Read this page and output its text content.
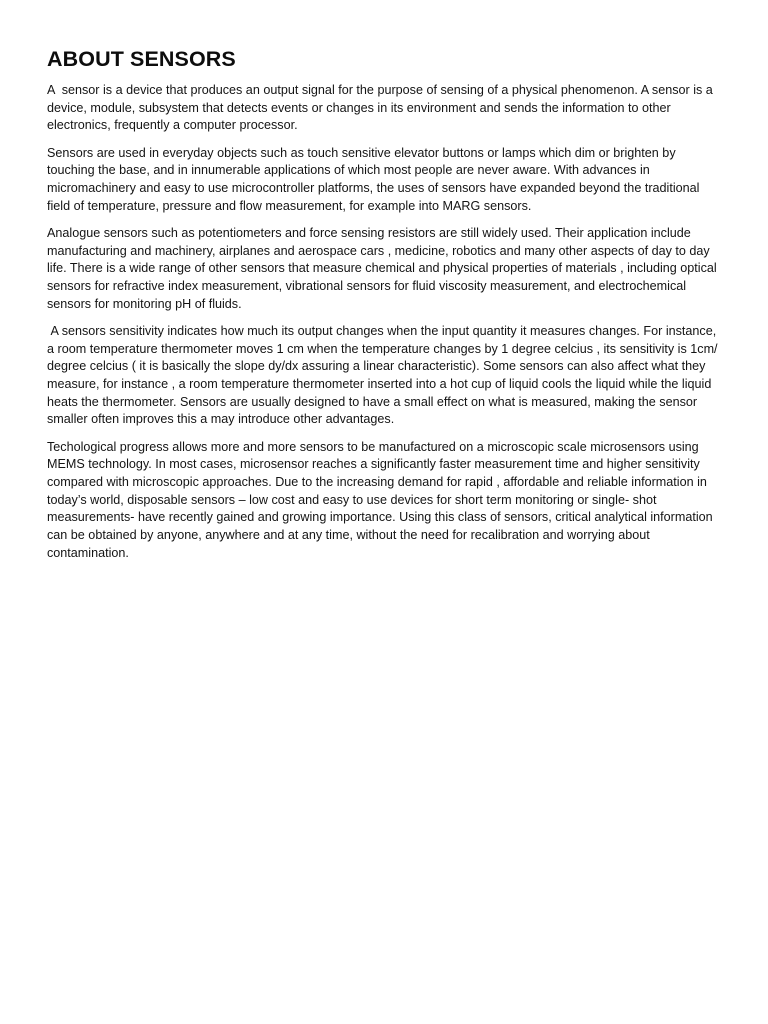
ABOUT SENSORS

A  sensor is a device that produces an output signal for the purpose of sensing of a physical phenomenon. A sensor is a device, module, subsystem that detects events or changes in its environment and sends the information to other electronics, frequently a computer processor.

Sensors are used in everyday objects such as touch sensitive elevator buttons or lamps which dim or brighten by touching the base, and in innumerable applications of which most people are never aware. With advances in micromachinery and easy to use microcontroller platforms, the uses of sensors have expanded beyond the traditional field of temperature, pressure and flow measurement, for example into MARG sensors.

Analogue sensors such as potentiometers and force sensing resistors are still widely used. Their application include manufacturing and machinery, airplanes and aerospace cars , medicine, robotics and many other aspects of day to day life. There is a wide range of other sensors that measure chemical and physical properties of materials , including optical sensors for refractive index measurement, vibrational sensors for fluid viscosity measurement, and electrochemical sensors for monitoring pH of fluids.

A sensors sensitivity indicates how much its output changes when the input quantity it measures changes. For instance, a room temperature thermometer moves 1 cm when the temperature changes by 1 degree celcius , its sensitivity is 1cm/ degree celcius ( it is basically the slope dy/dx assuring a linear characteristic). Some sensors can also affect what they measure, for instance , a room temperature thermometer inserted into a hot cup of liquid cools the liquid while the liquid heats the thermometer. Sensors are usually designed to have a small effect on what is measured, making the sensor smaller often improves this a may introduce other advantages.

Techological progress allows more and more sensors to be manufactured on a microscopic scale microsensors using MEMS technology. In most cases, microsensor reaches a significantly faster measurement time and higher sensitivity compared with microscopic approaches. Due to the increasing demand for rapid , affordable and reliable information in today’s world, disposable sensors – low cost and easy to use devices for short term monitoring or single- shot measurements- have recently gained and growing importance. Using this class of sensors, critical analytical information can be obtained by anyone, anywhere and at any time, without the need for recalibration and worrying about contamination.
